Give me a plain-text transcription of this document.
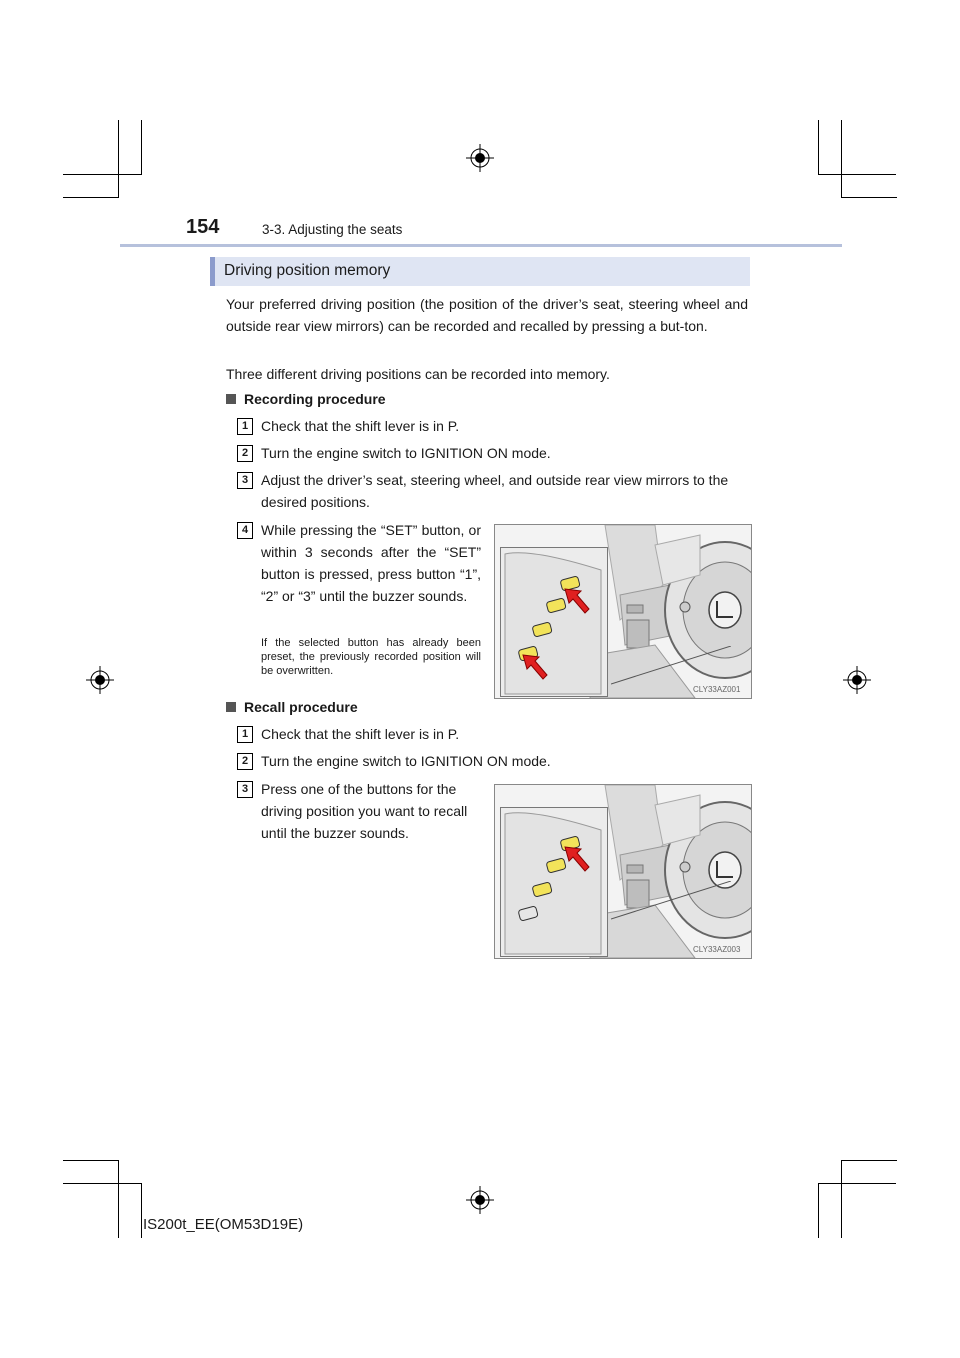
154	3-3. Adjusting the seats
Driving position memory
Your preferred driving position (the position of the driver’s seat, steering wheel and outside rear view mirrors) can be recorded and recalled by pressing a but-ton.
Three different driving positions can be recorded into memory.
Recording procedure
1 Check that the shift lever is in P.
2 Turn the engine switch to IGNITION ON mode.
3 Adjust the driver’s seat, steering wheel, and outside rear view mirrors to the desired positions.
4 While pressing the “SET” button, or within 3 seconds after the “SET” button is pressed, press button “1”, “2” or “3” until the buzzer sounds.
If the selected button has already been preset, the previously recorded position will be overwritten.
CLY33AZ001
Recall procedure
1 Check that the shift lever is in P.
2 Turn the engine switch to IGNITION ON mode.
3 Press one of the buttons for the driving position you want to recall until the buzzer sounds.
CLY33AZ003
IS200t_EE(OM53D19E)
